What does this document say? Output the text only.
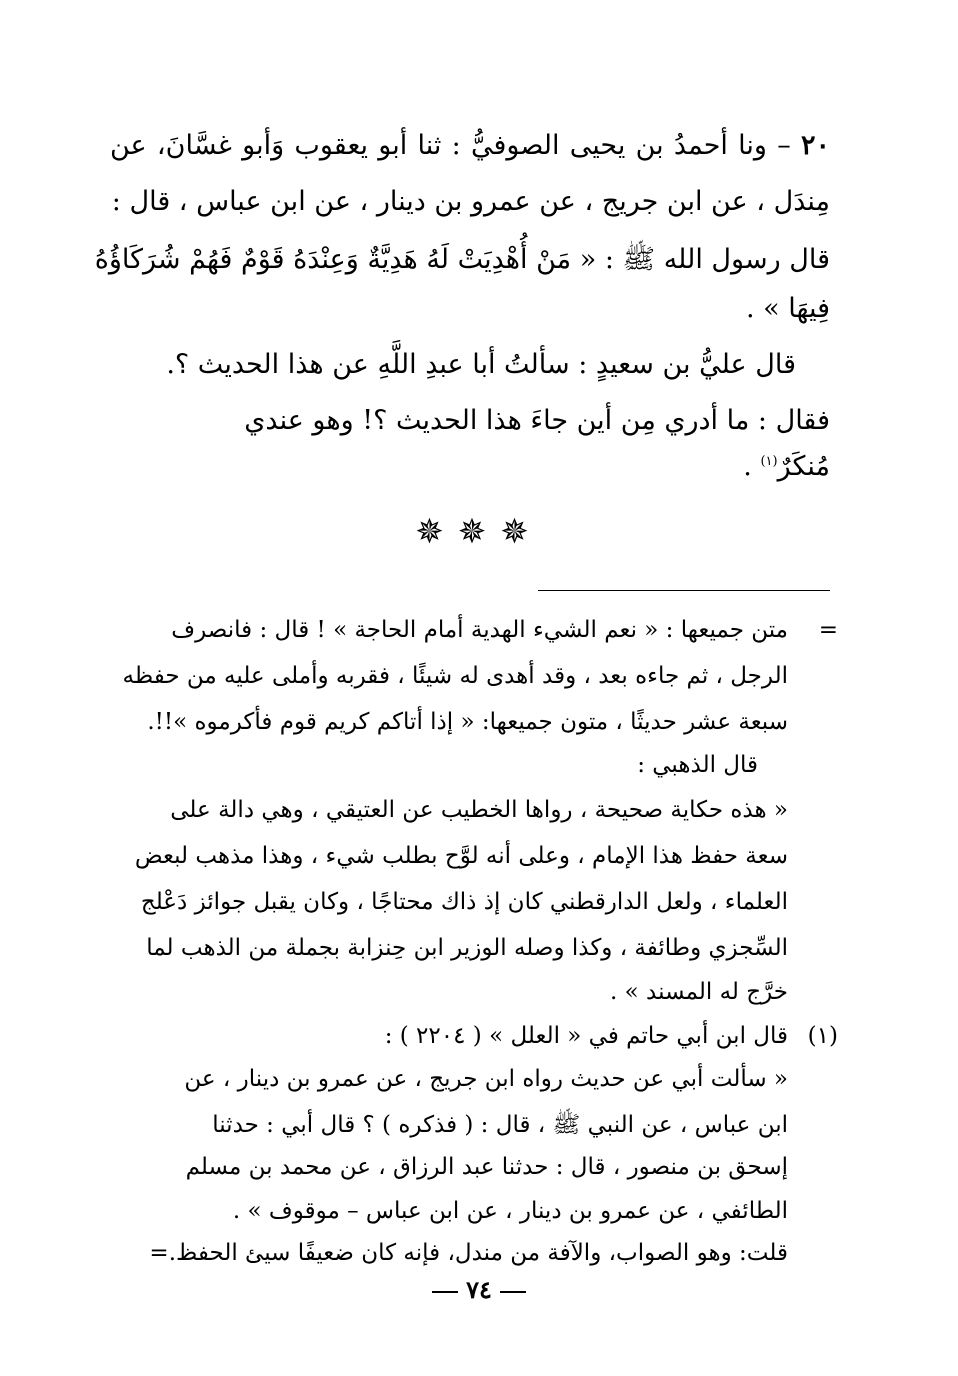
٢٠ – ونا أحمدُ بن يحيى الصوفيُّ : ثنا أبو يعقوب وَأبو غسَّانَ، عن
مِندَل ، عن ابن جريج ، عن عمرو بن دينار ، عن ابن عباس ، قال :
قال رسول الله ﷺ : « مَنْ أُهْدِيَتْ لَهُ هَدِيَّةٌ وَعِنْدَهُ قَوْمٌ فَهُمْ شُرَكَاؤُهُ
فِيهَا » .
قال عليُّ بن سعيدٍ : سألتُ أبا عبدِ اللَّهِ عن هذا الحديث ؟.
فقال : ما أدري مِن أين جاءَ هذا الحديث ؟! وهو عندي
مُنكَرٌ$^{(١)}$ .
✵✵✵
=
متن جميعها : « نعم الشيء الهدية أمام الحاجة » ! قال : فانصرف
الرجل ، ثم جاءه بعد ، وقد أهدى له شيئًا ، فقربه وأملى عليه من حفظه
سبعة عشر حديثًا ، متون جميعها: « إذا أتاكم كريم قوم فأكرموه »!!.
قال الذهبي :
« هذه حكاية صحيحة ، رواها الخطيب عن العتيقي ، وهي دالة على
سعة حفظ هذا الإمام ، وعلى أنه لوَّح بطلب شيء ، وهذا مذهب لبعض
العلماء ، ولعل الدارقطني كان إذ ذاك محتاجًا ، وكان يقبل جوائز دَعْلج
السِّجزي وطائفة ، وكذا وصله الوزير ابن حِنزابة بجملة من الذهب لما
خرَّج له المسند » .
(١)
قال ابن أبي حاتم في « العلل » ( ٢٢٠٤ ) :
« سألت أبي عن حديث رواه ابن جريج ، عن عمرو بن دينار ، عن
ابن عباس ، عن النبي ﷺ ، قال : ( فذكره ) ؟ قال أبي : حدثنا
إسحق بن منصور ، قال : حدثنا عبد الرزاق ، عن محمد بن مسلم
الطائفي ، عن عمرو بن دينار ، عن ابن عباس – موقوف » .
قلت: وهو الصواب، والآفة من مندل، فإنه كان ضعيفًا سيئ الحفظ.=
٧٤
